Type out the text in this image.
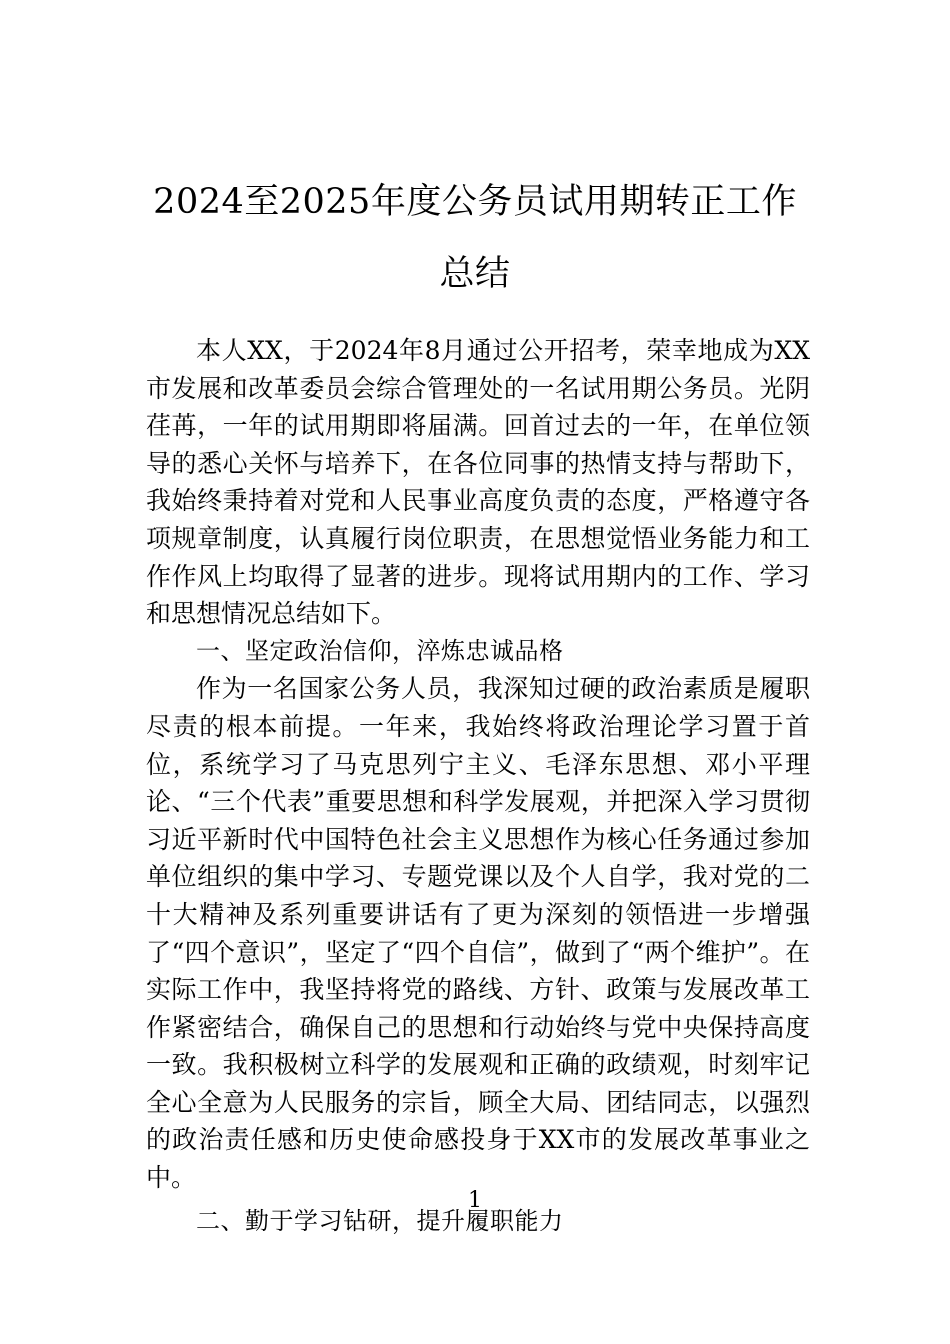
2024至2025年度公务员试用期转正工作总结

本人XX，于2024年8月通过公开招考，荣幸地成为XX市发展和改革委员会综合管理处的一名试用期公务员。光阴荏苒，一年的试用期即将届满。回首过去的一年，在单位领导的悉心关怀与培养下，在各位同事的热情支持与帮助下，我始终秉持着对党和人民事业高度负责的态度，严格遵守各项规章制度，认真履行岗位职责，在思想觉悟业务能力和工作作风上均取得了显著的进步。现将试用期内的工作、学习和思想情况总结如下。

一、坚定政治信仰，淬炼忠诚品格

作为一名国家公务人员，我深知过硬的政治素质是履职尽责的根本前提。一年来，我始终将政治理论学习置于首位，系统学习了马克思列宁主义、毛泽东思想、邓小平理论、“三个代表”重要思想和科学发展观，并把深入学习贯彻习近平新时代中国特色社会主义思想作为核心任务通过参加单位组织的集中学习、专题党课以及个人自学，我对党的二十大精神及系列重要讲话有了更为深刻的领悟进一步增强了“四个意识”，坚定了“四个自信”，做到了“两个维护”。在实际工作中，我坚持将党的路线、方针、政策与发展改革工作紧密结合，确保自己的思想和行动始终与党中央保持高度一致。我积极树立科学的发展观和正确的政绩观，时刻牢记全心全意为人民服务的宗旨，顾全大局、团结同志，以强烈的政治责任感和历史使命感投身于XX市的发展改革事业之中。

二、勤于学习钻研，提升履职能力

1
